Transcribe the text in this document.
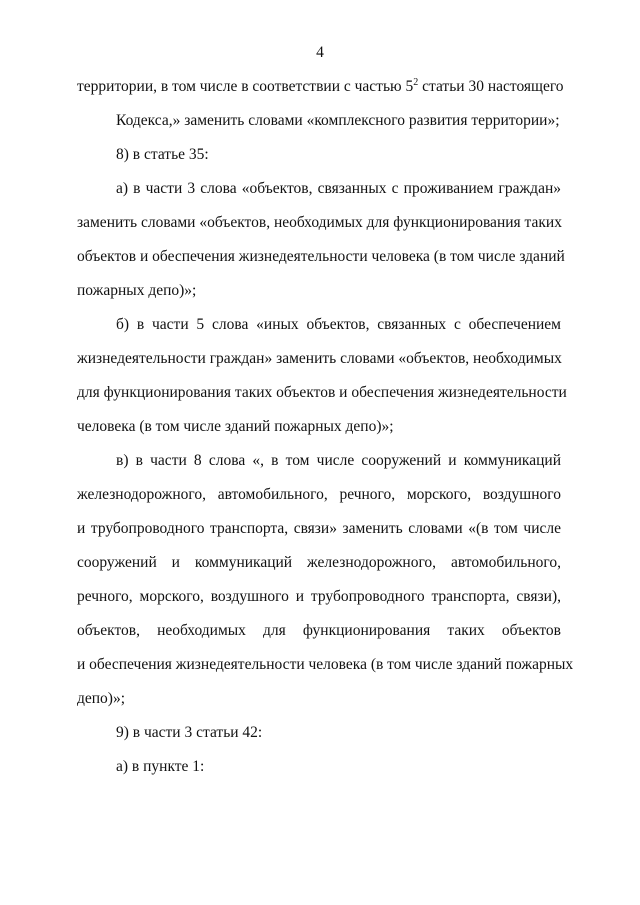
4
территории, в том числе в соответствии с частью $5^2$ статьи 30 настоящего
Кодекса,» заменить словами «комплексного развития территории»;
8) в статье 35:
а) в части 3 слова «объектов, связанных с проживанием граждан»
заменить словами «объектов, необходимых для функционирования таких
объектов и обеспечения жизнедеятельности человека (в том числе зданий
пожарных депо)»;
б) в части 5 слова «иных объектов, связанных с обеспечением
жизнедеятельности граждан» заменить словами «объектов, необходимых
для функционирования таких объектов и обеспечения жизнедеятельности
человека (в том числе зданий пожарных депо)»;
в) в части 8 слова «, в том числе сооружений и коммуникаций
железнодорожного, автомобильного, речного, морского, воздушного
и трубопроводного транспорта, связи» заменить словами «(в том числе
сооружений и коммуникаций железнодорожного, автомобильного,
речного, морского, воздушного и трубопроводного транспорта, связи),
объектов, необходимых для функционирования таких объектов
и обеспечения жизнедеятельности человека (в том числе зданий пожарных
депо)»;
9) в части 3 статьи 42:
а) в пункте 1:
